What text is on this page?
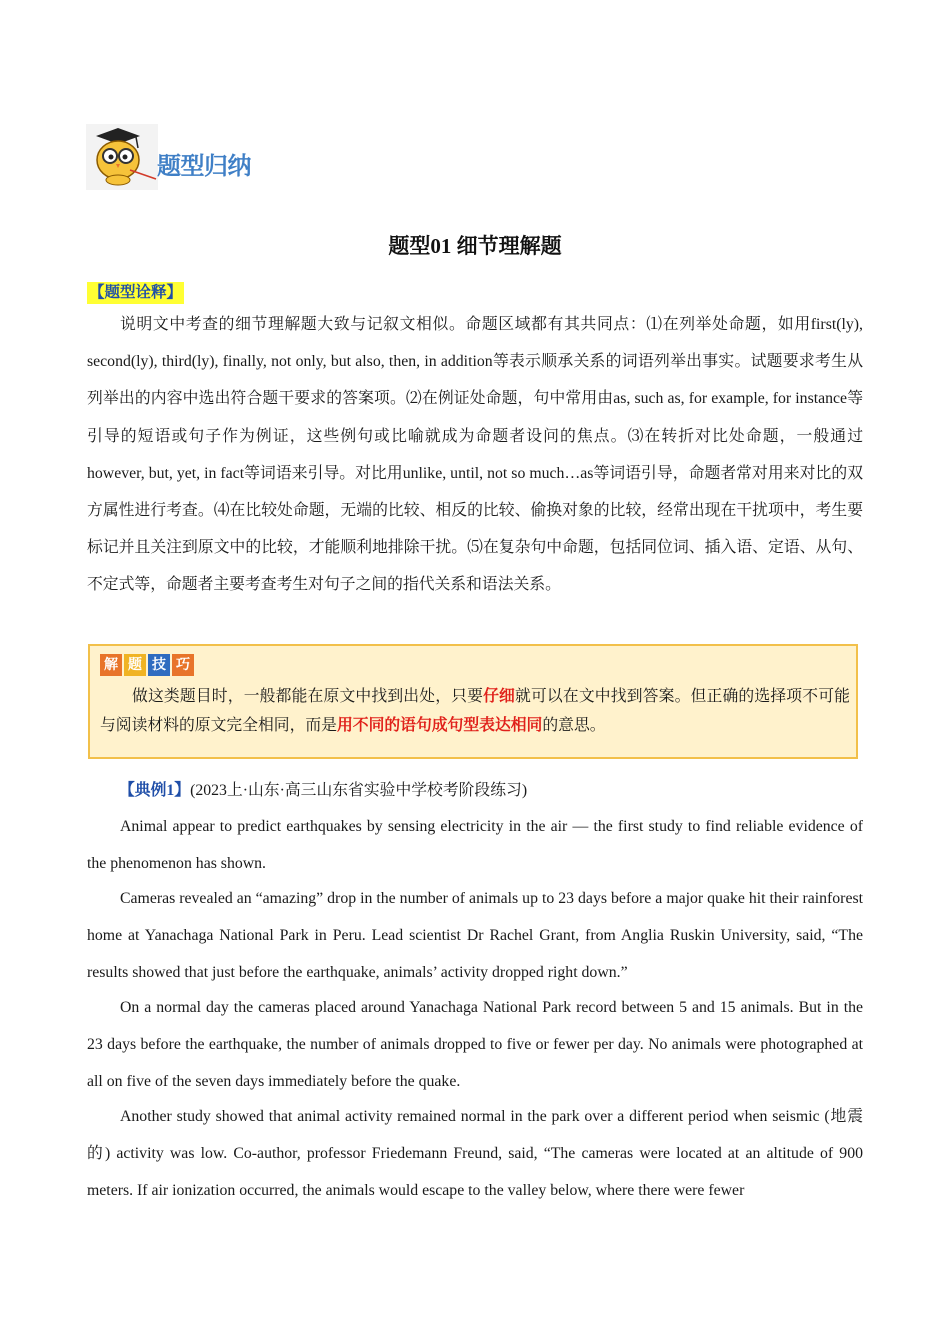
题型归纳
题型01 细节理解题
【题型诠释】

说明文中考查的细节理解题大致与记叙文相似。命题区域都有其共同点：⑴在列举处命题，如用first(ly), second(ly), third(ly), finally, not only, but also, then, in addition等表示顺承关系的词语列举出事实。试题要求考生从列举出的内容中选出符合题干要求的答案项。⑵在例证处命题，句中常用由as, such as, for example, for instance等引导的短语或句子作为例证，这些例句或比喻就成为命题者设问的焦点。⑶在转折对比处命题，一般通过however, but, yet, in fact等词语来引导。对比用unlike, until, not so much…as等词语引导，命题者常对用来对比的双方属性进行考查。⑷在比较处命题，无端的比较、相反的比较、偷换对象的比较，经常出现在干扰项中，考生要标记并且关注到原文中的比较，才能顺利地排除干扰。⑸在复杂句中命题，包括同位词、插入语、定语、从句、不定式等，命题者主要考查考生对句子之间的指代关系和语法关系。

解 题 技 巧

做这类题目时，一般都能在原文中找到出处，只要仔细就可以在文中找到答案。但正确的选择项不可能与阅读材料的原文完全相同，而是用不同的语句成句型表达相同的意思。

【典例1】(2023上·山东·高三山东省实验中学校考阶段练习)

Animal appear to predict earthquakes by sensing electricity in the air — the first study to find reliable evidence of the phenomenon has shown.

Cameras revealed an “amazing” drop in the number of animals up to 23 days before a major quake hit their rainforest home at Yanachaga National Park in Peru. Lead scientist Dr Rachel Grant, from Anglia Ruskin University, said, “The results showed that just before the earthquake, animals’ activity dropped right down.”

On a normal day the cameras placed around Yanachaga National Park record between 5 and 15 animals. But in the 23 days before the earthquake, the number of animals dropped to five or fewer per day. No animals were photographed at all on five of the seven days immediately before the quake.

Another study showed that animal activity remained normal in the park over a different period when seismic (地震的) activity was low. Co-author, professor Friedemann Freund, said, “The cameras were located at an altitude of 900 meters. If air ionization occurred, the animals would escape to the valley below, where there were fewer
